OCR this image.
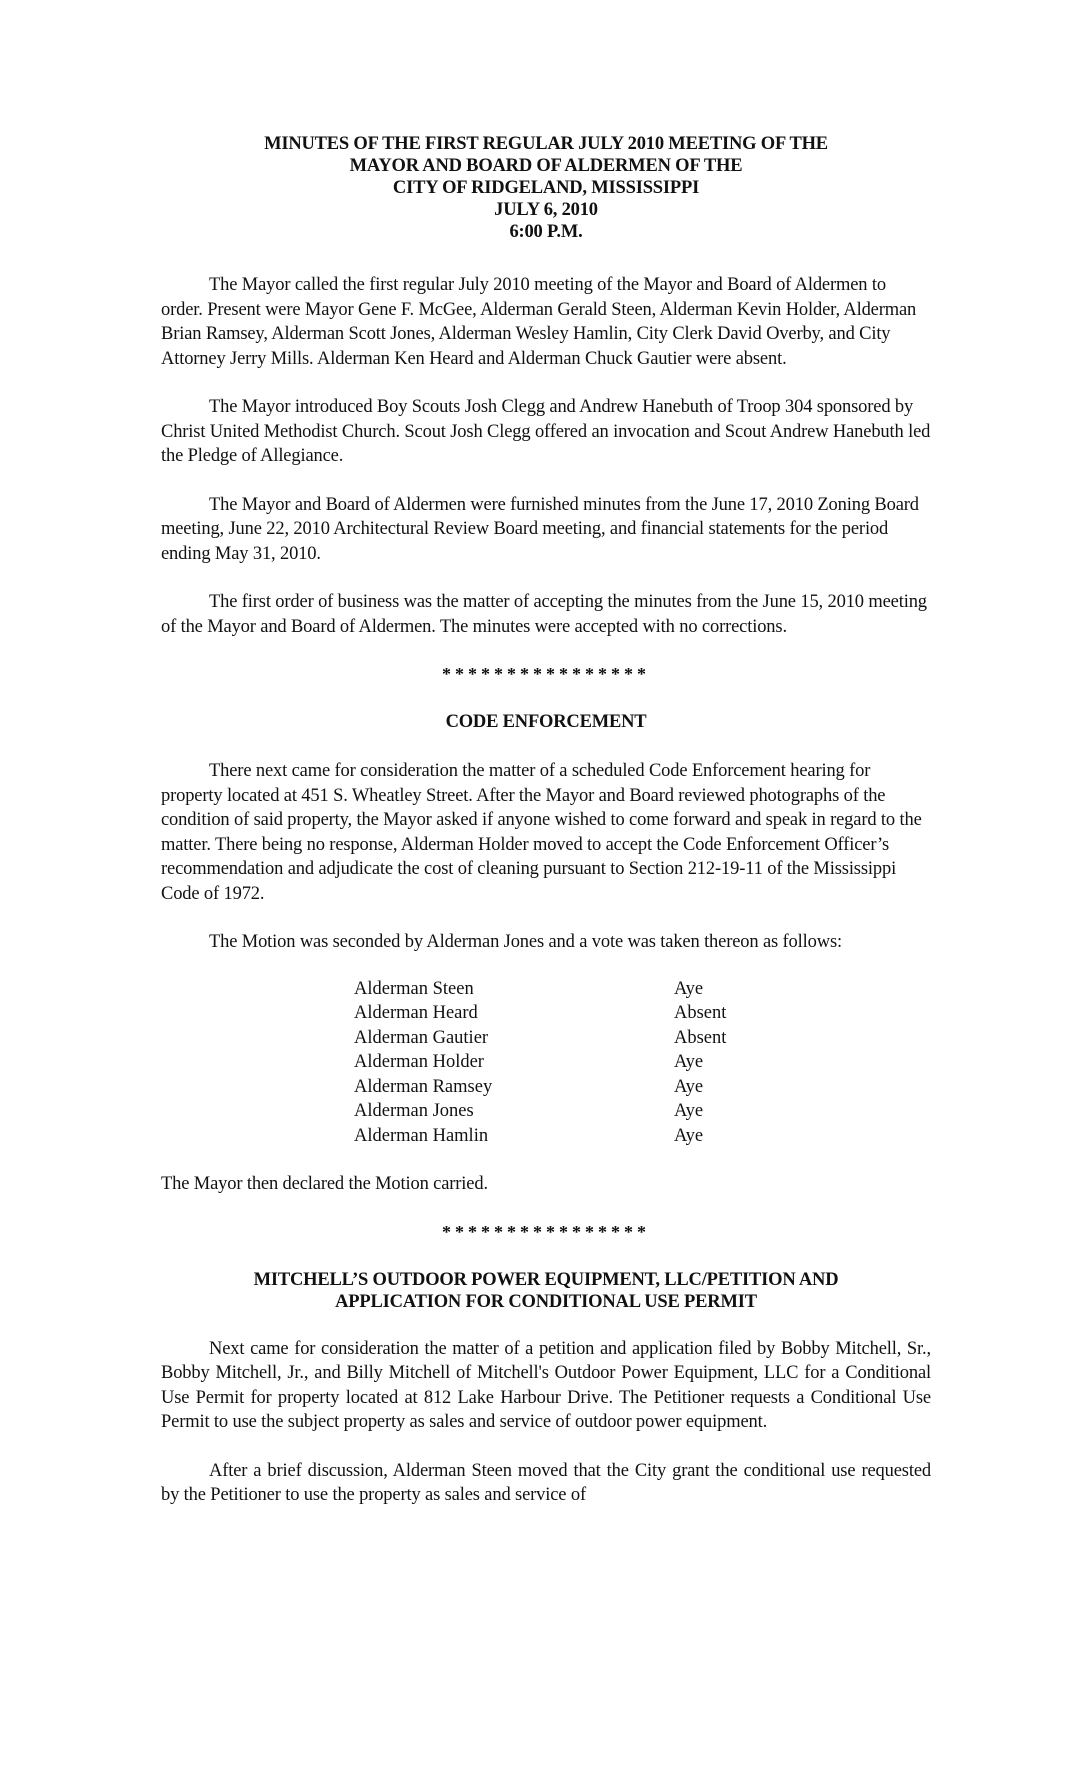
MINUTES OF THE FIRST REGULAR JULY 2010 MEETING OF THE
MAYOR AND BOARD OF ALDERMEN OF THE
CITY OF RIDGELAND, MISSISSIPPI
JULY 6, 2010
6:00 P.M.

The Mayor called the first regular July 2010 meeting of the Mayor and Board of Aldermen to order. Present were Mayor Gene F. McGee, Alderman Gerald Steen, Alderman Kevin Holder, Alderman Brian Ramsey, Alderman Scott Jones, Alderman Wesley Hamlin, City Clerk David Overby, and City Attorney Jerry Mills. Alderman Ken Heard and Alderman Chuck Gautier were absent.

The Mayor introduced Boy Scouts Josh Clegg and Andrew Hanebuth of Troop 304 sponsored by Christ United Methodist Church. Scout Josh Clegg offered an invocation and Scout Andrew Hanebuth led the Pledge of Allegiance.

The Mayor and Board of Aldermen were furnished minutes from the June 17, 2010 Zoning Board meeting, June 22, 2010 Architectural Review Board meeting, and financial statements for the period ending May 31, 2010.

The first order of business was the matter of accepting the minutes from the June 15, 2010 meeting of the Mayor and Board of Aldermen. The minutes were accepted with no corrections.

****************
CODE ENFORCEMENT

There next came for consideration the matter of a scheduled Code Enforcement hearing for property located at 451 S. Wheatley Street. After the Mayor and Board reviewed photographs of the condition of said property, the Mayor asked if anyone wished to come forward and speak in regard to the matter. There being no response, Alderman Holder moved to accept the Code Enforcement Officer’s recommendation and adjudicate the cost of cleaning pursuant to Section 212-19-11 of the Mississippi Code of 1972.

The Motion was seconded by Alderman Jones and a vote was taken thereon as follows:

Alderman Steen	Aye
Alderman Heard	Absent
Alderman Gautier	Absent
Alderman Holder	Aye
Alderman Ramsey	Aye
Alderman Jones	Aye
Alderman Hamlin	Aye

The Mayor then declared the Motion carried.

****************
MITCHELL’S OUTDOOR POWER EQUIPMENT, LLC/PETITION AND
APPLICATION FOR CONDITIONAL USE PERMIT

Next came for consideration the matter of a petition and application filed by Bobby Mitchell, Sr., Bobby Mitchell, Jr., and Billy Mitchell of Mitchell's Outdoor Power Equipment, LLC for a Conditional Use Permit for property located at 812 Lake Harbour Drive. The Petitioner requests a Conditional Use Permit to use the subject property as sales and service of outdoor power equipment.

After a brief discussion, Alderman Steen moved that the City grant the conditional use requested by the Petitioner to use the property as sales and service of
